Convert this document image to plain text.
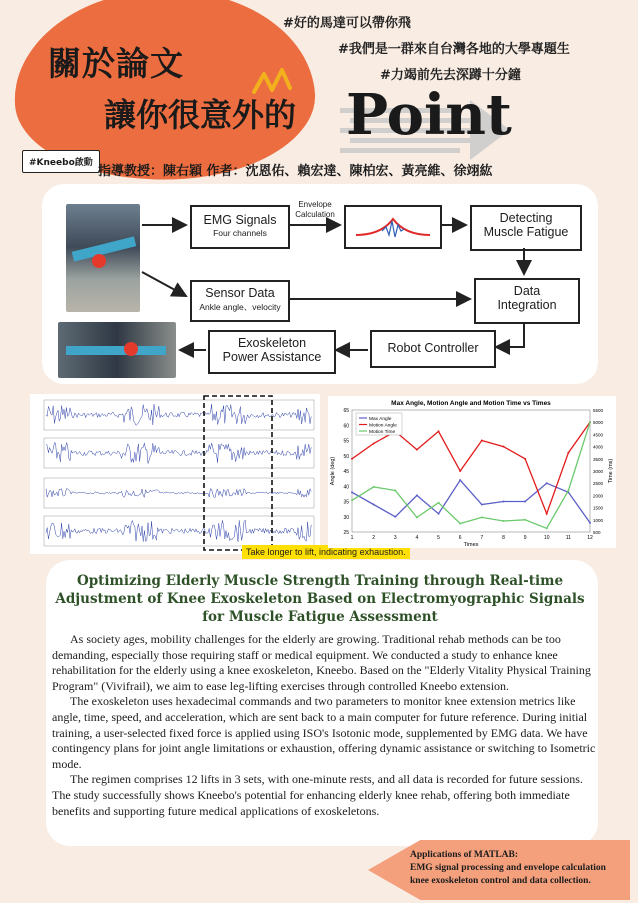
關於論文
讓你很意外的 Point
#好的馬達可以帶你飛
#我們是一群來自台灣各地的大學專題生
#力竭前先去深蹲十分鐘
#Kneebo啟動
指導教授：陳右穎 作者：沈恩佑、賴宏達、陳柏宏、黃亮維、徐翊紘
EMG Signals
Four channels
Envelope
Calculation	Detecting
Muscle Fatigue
Sensor Data
Ankle angle、velocity
Data
Integration
Robot Controller
Exoskeleton
Power Assistance
Take longer to lift, indicating exhaustion.
Max Angle, Motion Angle and Motion Time vs Times
25
30
35
40
45
50
55
60
65
500
1000
1500
2000
2500
3000
3500
4000
4500
5000
5500
1	2	3	4	5	6	7	8	9	10	11	12
Times
Angle (deg)	Time (ms)
Max Angle
Motion Angle
Motion Time
Optimizing Elderly Muscle Strength Training through Real-time
Adjustment of Knee Exoskeleton Based on Electromyographic Signals
for Muscle Fatigue Assessment

As society ages, mobility challenges for the elderly are growing. Traditional rehab methods can be too demanding, especially those requiring staff or medical equipment. We conducted a study to enhance knee rehabilitation for the elderly using a knee exoskeleton, Kneebo. Based on the "Elderly Vitality Physical Training Program" (Vivifrail), we aim to ease leg-lifting exercises through controlled Kneebo extension.

The exoskeleton uses hexadecimal commands and two parameters to monitor knee extension metrics like angle, time, speed, and acceleration, which are sent back to a main computer for future reference. During initial training, a user-selected fixed force is applied using ISO's Isotonic mode, supplemented by EMG data. We have contingency plans for joint angle limitations or exhaustion, offering dynamic assistance or switching to Isometric mode.

The regimen comprises 12 lifts in 3 sets, with one-minute rests, and all data is recorded for future sessions. The study successfully shows Kneebo's potential for enhancing elderly knee rehab, offering both immediate benefits and supporting future medical applications of exoskeletons.

Applications of MATLAB:
EMG signal processing and envelope calculation
knee exoskeleton control and data collection.
